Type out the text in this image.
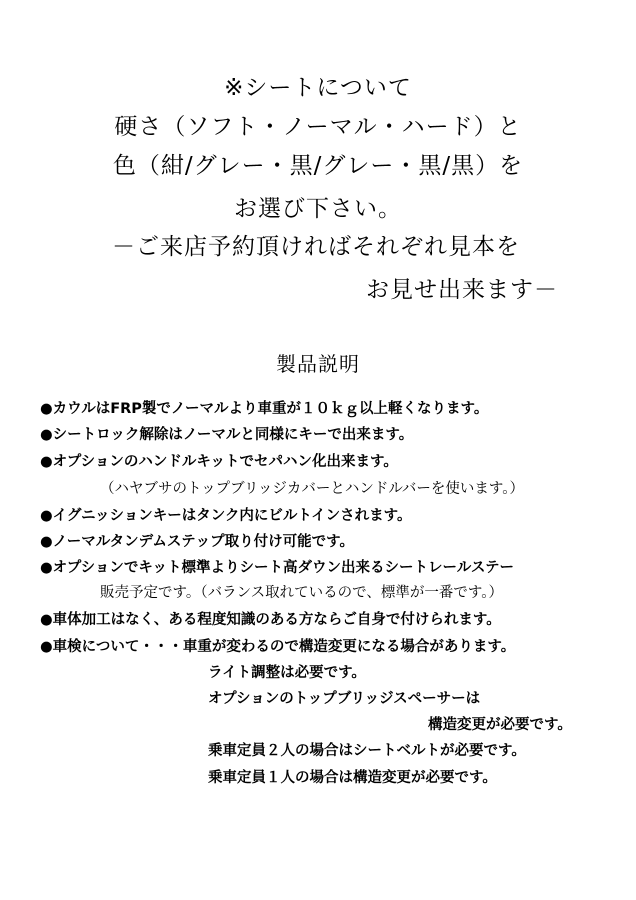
※シートについて
硬さ（ソフト・ノーマル・ハード）と
色（紺/グレー・黒/グレー・黒/黒）を
お選び下さい。
－ご来店予約頂ければそれぞれ見本を
お見せ出来ます－
製品説明
●カウルはFRP製でノーマルより車重が１０ｋｇ以上軽くなります。
●シートロック解除はノーマルと同様にキーで出来ます。
●オプションのハンドルキットでセパハン化出来ます。
（ハヤブサのトップブリッジカバーとハンドルバーを使います。）
●イグニッションキーはタンク内にビルトインされます。
●ノーマルタンデムステップ取り付け可能です。
●オプションでキット標準よりシート高ダウン出来るシートレールステー
販売予定です。（バランス取れているので、標準が一番です。）
●車体加工はなく、ある程度知識のある方ならご自身で付けられます。
●車検について・・・車重が変わるので構造変更になる場合があります。
ライト調整は必要です。
オプションのトップブリッジスペーサーは
構造変更が必要です。
乗車定員２人の場合はシートベルトが必要です。
乗車定員１人の場合は構造変更が必要です。
